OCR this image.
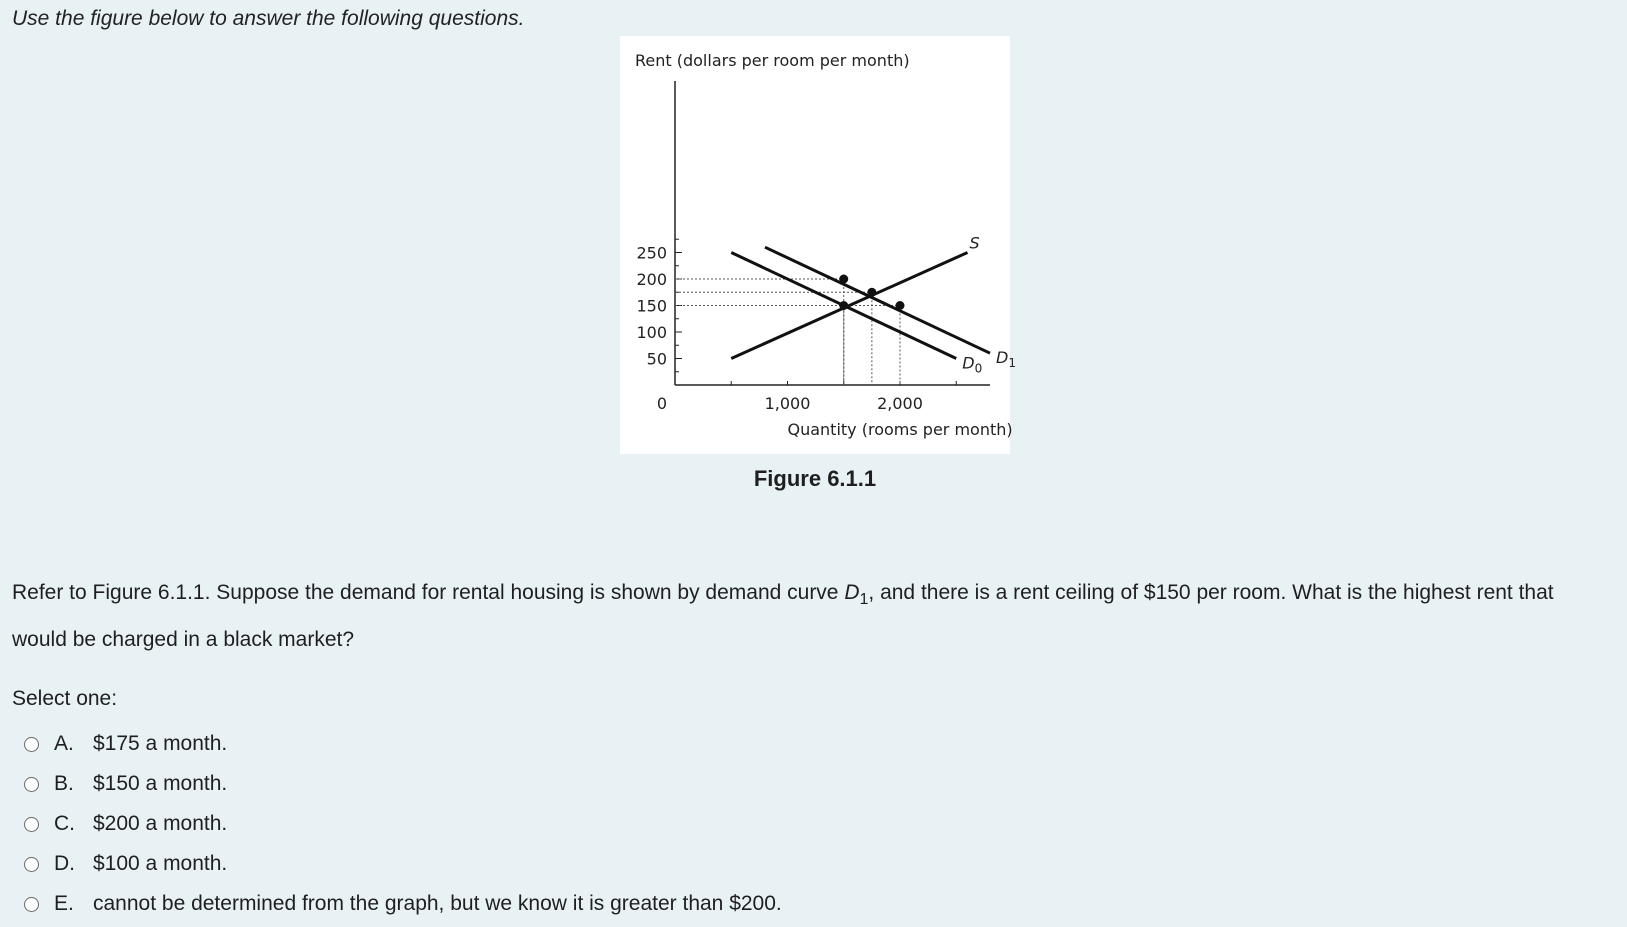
Use the figure below to answer the following questions.
Rent (dollars per room per month)
0
50
100
150
200
250
1,000	2,000
Quantity (rooms per month)
S
$D_0$
$D_1$
Figure 6.1.1
Refer to Figure 6.1.1. Suppose the demand for rental housing is shown by demand curve $D_1$, and there is a rent ceiling of $150 per room. What is the highest rent that would be charged in a black market?
Select one:
A. $175 a month.
B. $150 a month.
C. $200 a month.
D. $100 a month.
E. cannot be determined from the graph, but we know it is greater than $200.
